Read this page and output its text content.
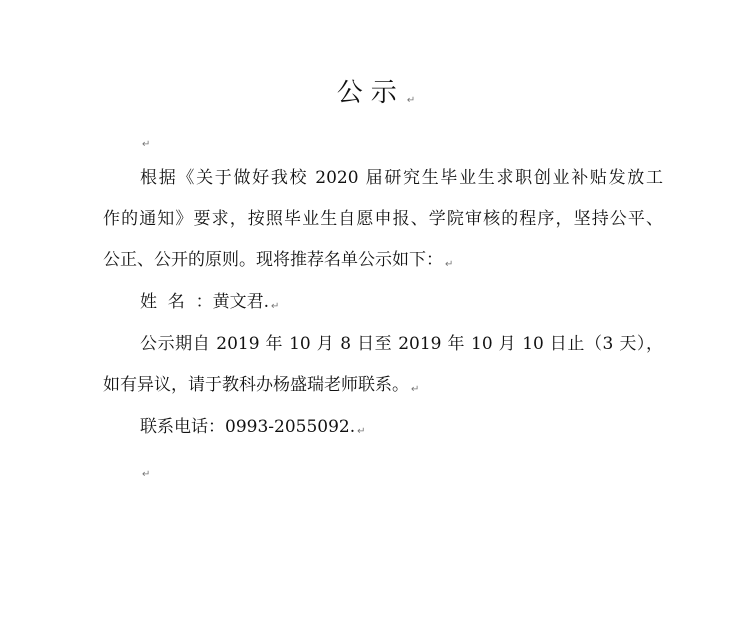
公示 ↵
↵
根据《关于做好我校 2020 届研究生毕业生求职创业补贴发放工
作的通知》要求，按照毕业生自愿申报、学院审核的程序，坚持公平、
公正、公开的原则。现将推荐名单公示如下： ↵
姓  名  ：黄文君. ↵
公示期自 2019 年 10 月 8 日至 2019 年 10 月 10 日止（3 天），
如有异议，请于教科办杨盛瑞老师联系。 ↵
联系电话：0993-2055092. ↵
↵
